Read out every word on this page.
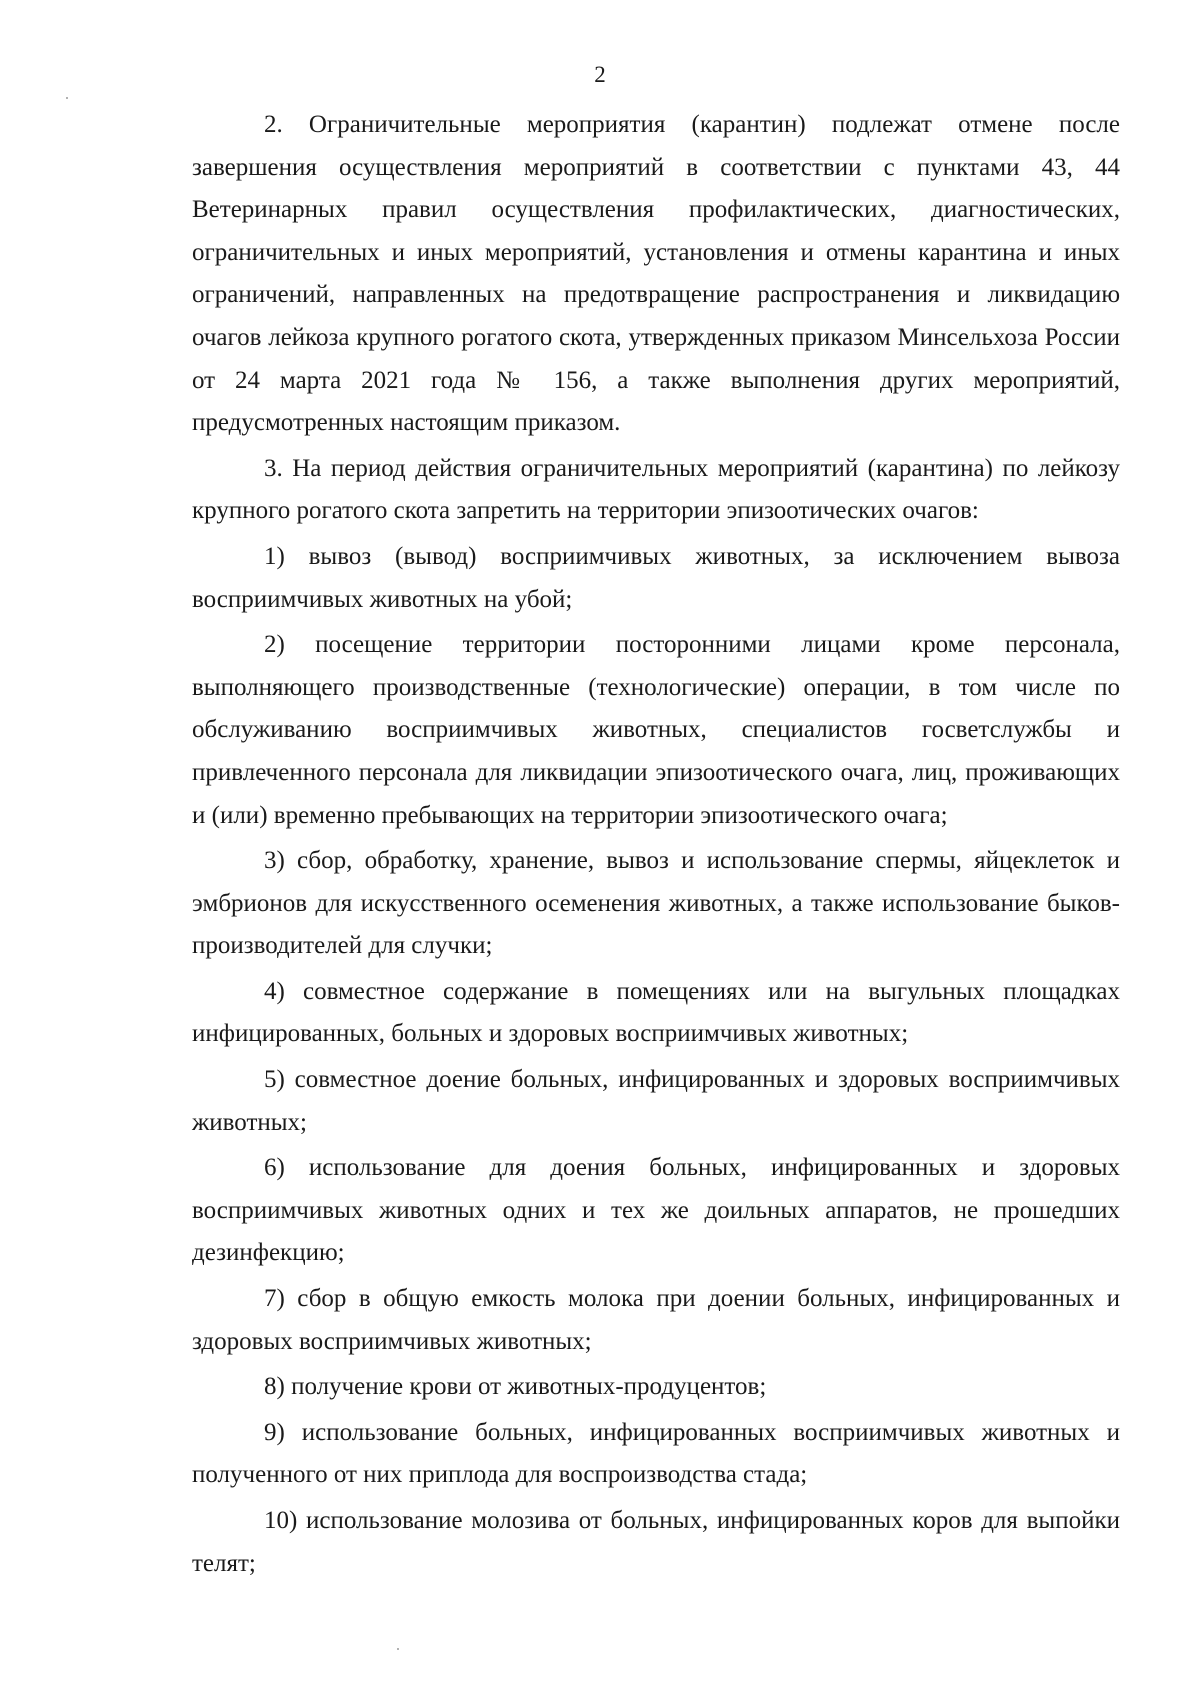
2

2. Ограничительные мероприятия (карантин) подлежат отмене после завершения осуществления мероприятий в соответствии с пунктами 43, 44 Ветеринарных правил осуществления профилактических, диагностических, ограничительных и иных мероприятий, установления и отмены карантина и иных ограничений, направленных на предотвращение распространения и ликвидацию очагов лейкоза крупного рогатого скота, утвержденных приказом Минсельхоза России от 24 марта 2021 года № 156, а также выполнения других мероприятий, предусмотренных настоящим приказом.

3. На период действия ограничительных мероприятий (карантина) по лейкозу крупного рогатого скота запретить на территории эпизоотических очагов:

1) вывоз (вывод) восприимчивых животных, за исключением вывоза восприимчивых животных на убой;

2) посещение территории посторонними лицами кроме персонала, выполняющего производственные (технологические) операции, в том числе по обслуживанию восприимчивых животных, специалистов госветслужбы и привлеченного персонала для ликвидации эпизоотического очага, лиц, проживающих и (или) временно пребывающих на территории эпизоотического очага;

3) сбор, обработку, хранение, вывоз и использование спермы, яйцеклеток и эмбрионов для искусственного осеменения животных, а также использование быков-производителей для случки;

4) совместное содержание в помещениях или на выгульных площадках инфицированных, больных и здоровых восприимчивых животных;

5) совместное доение больных, инфицированных и здоровых восприимчивых животных;

6) использование для доения больных, инфицированных и здоровых восприимчивых животных одних и тех же доильных аппаратов, не прошедших дезинфекцию;

7) сбор в общую емкость молока при доении больных, инфицированных и здоровых восприимчивых животных;

8) получение крови от животных-продуцентов;

9) использование больных, инфицированных восприимчивых животных и полученного от них приплода для воспроизводства стада;

10) использование молозива от больных, инфицированных коров для выпойки телят;
